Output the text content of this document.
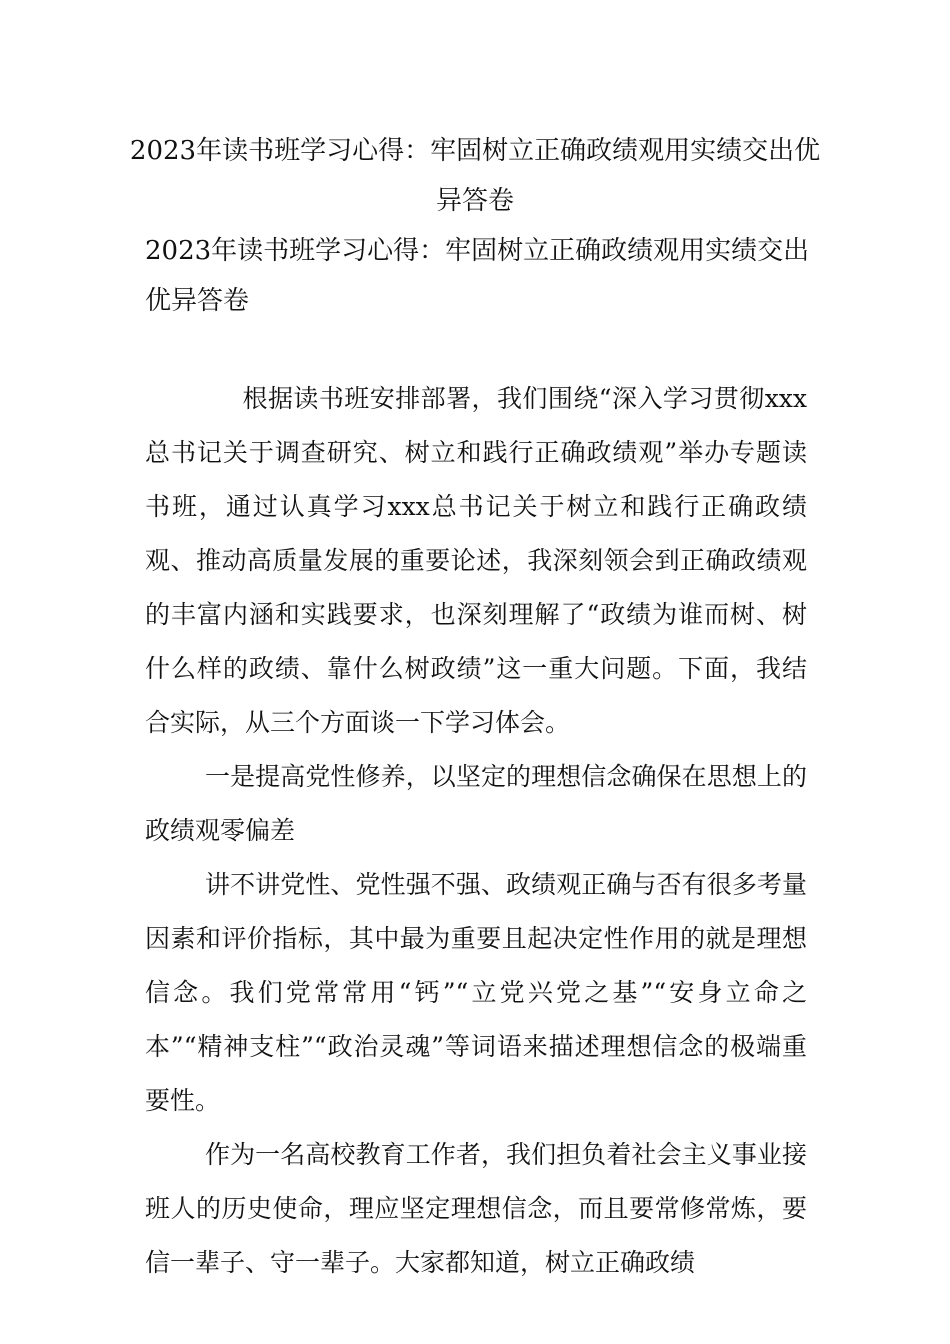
2023年读书班学习心得：牢固树立正确政绩观用实绩交出优异答卷
2023年读书班学习心得：牢固树立正确政绩观用实绩交出优异答卷

根据读书班安排部署，我们围绕“深入学习贯彻xxx总书记关于调查研究、树立和践行正确政绩观”举办专题读书班，通过认真学习xxx总书记关于树立和践行正确政绩观、推动高质量发展的重要论述，我深刻领会到正确政绩观的丰富内涵和实践要求，也深刻理解了“政绩为谁而树、树什么样的政绩、靠什么树政绩”这一重大问题。下面，我结合实际，从三个方面谈一下学习体会。

一是提高党性修养，以坚定的理想信念确保在思想上的政绩观零偏差

讲不讲党性、党性强不强、政绩观正确与否有很多考量因素和评价指标，其中最为重要且起决定性作用的就是理想信念。我们党常常用“钙”“立党兴党之基”“安身立命之本”“精神支柱”“政治灵魂”等词语来描述理想信念的极端重要性。

作为一名高校教育工作者，我们担负着社会主义事业接班人的历史使命，理应坚定理想信念，而且要常修常炼，要信一辈子、守一辈子。大家都知道，树立正确政绩
